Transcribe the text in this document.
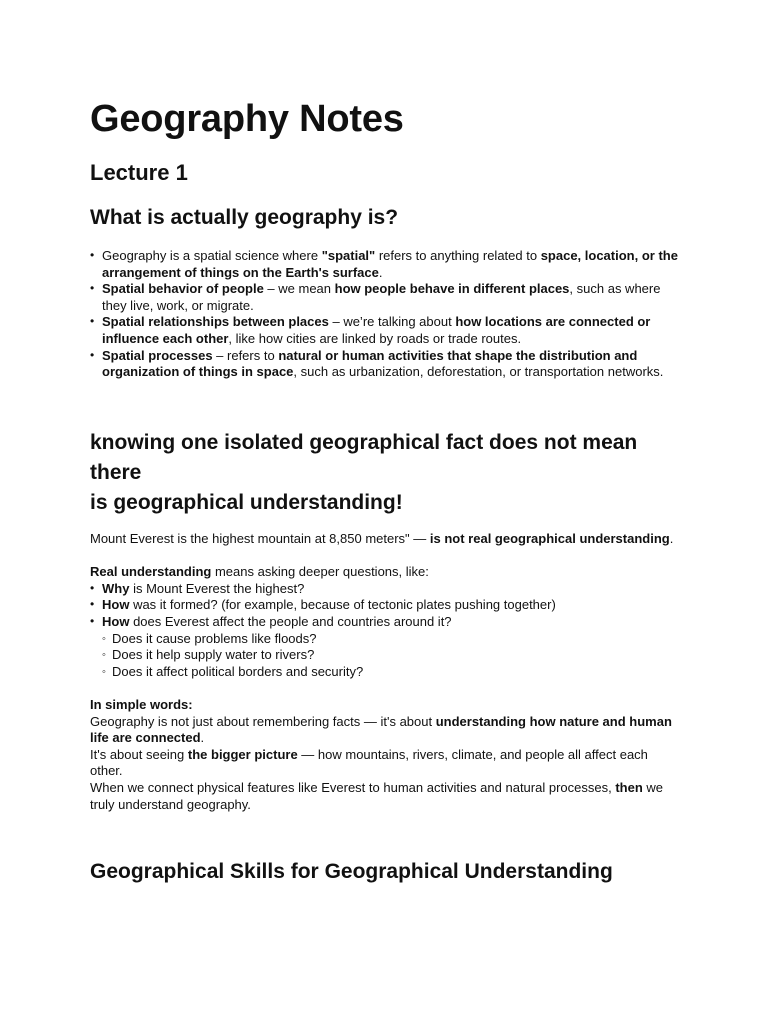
Geography Notes
Lecture 1
What is actually geography is?
• Geography is a spatial science where "spatial" refers to anything related to space, location, or the arrangement of things on the Earth's surface.
• Spatial behavior of people – we mean how people behave in different places, such as where they live, work, or migrate.
• Spatial relationships between places – we’re talking about how locations are connected or influence each other, like how cities are linked by roads or trade routes.
• Spatial processes – refers to natural or human activities that shape the distribution and organization of things in space, such as urbanization, deforestation, or transportation networks.
knowing one isolated geographical fact does not mean there
is geographical understanding!

Mount Everest is the highest mountain at 8,850 meters" — is not real geographical understanding.

Real understanding means asking deeper questions, like:

• Why is Mount Everest the highest?
• How was it formed? (for example, because of tectonic plates pushing together)
• How does Everest affect the people and countries around it?
◦ Does it cause problems like floods?
◦ Does it help supply water to rivers?
◦ Does it affect political borders and security?

In simple words:

Geography is not just about remembering facts — it's about understanding how nature and human life are connected.

It's about seeing the bigger picture — how mountains, rivers, climate, and people all affect each other.

When we connect physical features like Everest to human activities and natural processes, then we truly understand geography.

Geographical Skills for Geographical Understanding
